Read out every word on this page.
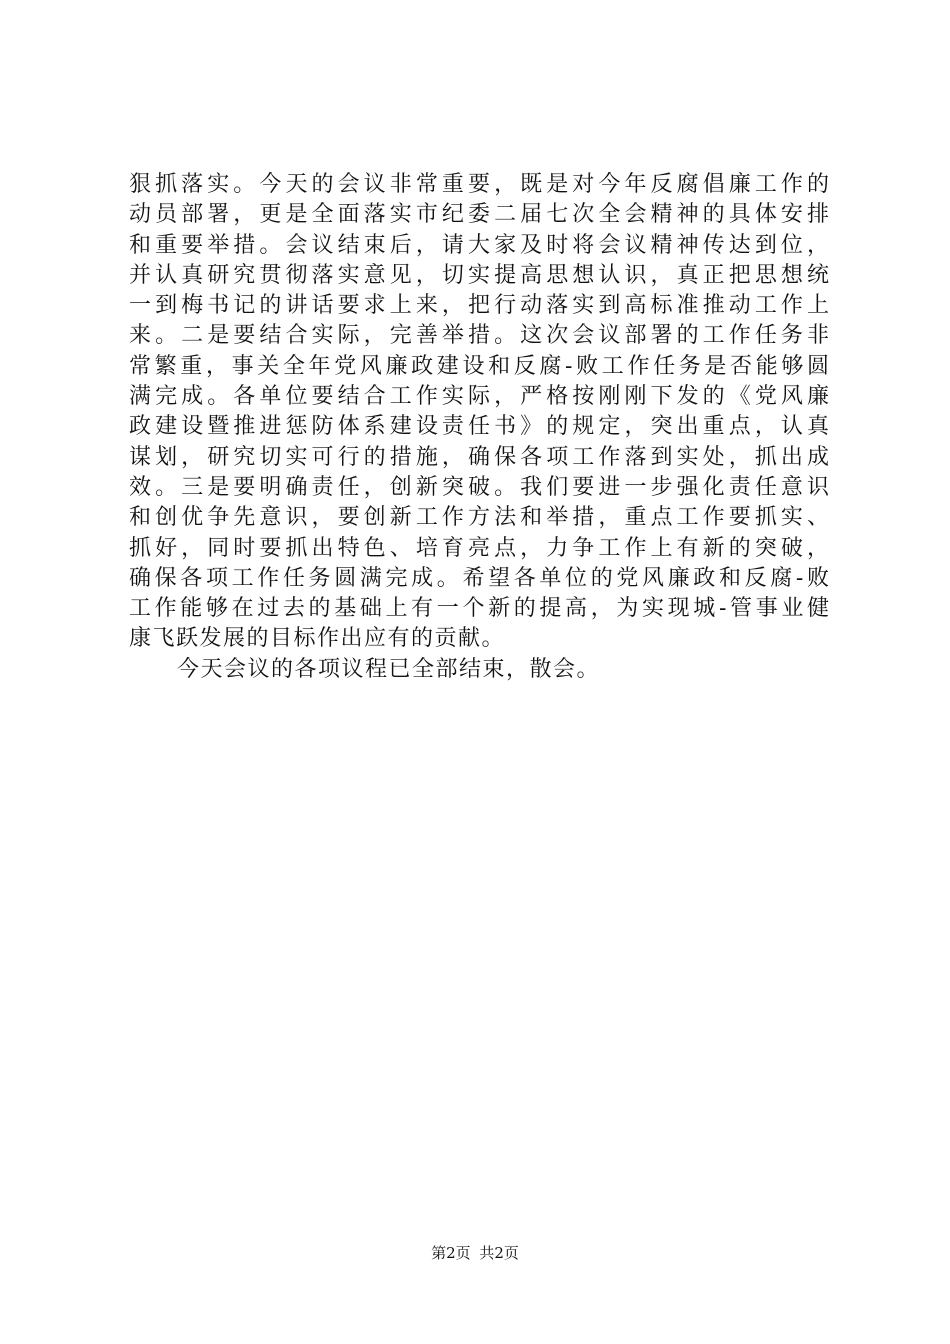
狠抓落实。今天的会议非常重要，既是对今年反腐倡廉工作的
动员部署，更是全面落实市纪委二届七次全会精神的具体安排
和重要举措。会议结束后，请大家及时将会议精神传达到位，
并认真研究贯彻落实意见，切实提高思想认识，真正把思想统
一到梅书记的讲话要求上来，把行动落实到高标准推动工作上
来。二是要结合实际，完善举措。这次会议部署的工作任务非
常繁重，事关全年党风廉政建设和反腐-败工作任务是否能够圆
满完成。各单位要结合工作实际，严格按刚刚下发的《党风廉
政建设暨推进惩防体系建设责任书》的规定，突出重点，认真
谋划，研究切实可行的措施，确保各项工作落到实处，抓出成
效。三是要明确责任，创新突破。我们要进一步强化责任意识
和创优争先意识，要创新工作方法和举措，重点工作要抓实、
抓好，同时要抓出特色、培育亮点，力争工作上有新的突破，
确保各项工作任务圆满完成。希望各单位的党风廉政和反腐-败
工作能够在过去的基础上有一个新的提高，为实现城-管事业健
康飞跃发展的目标作出应有的贡献。
今天会议的各项议程已全部结束，散会。
第2页 共2页
